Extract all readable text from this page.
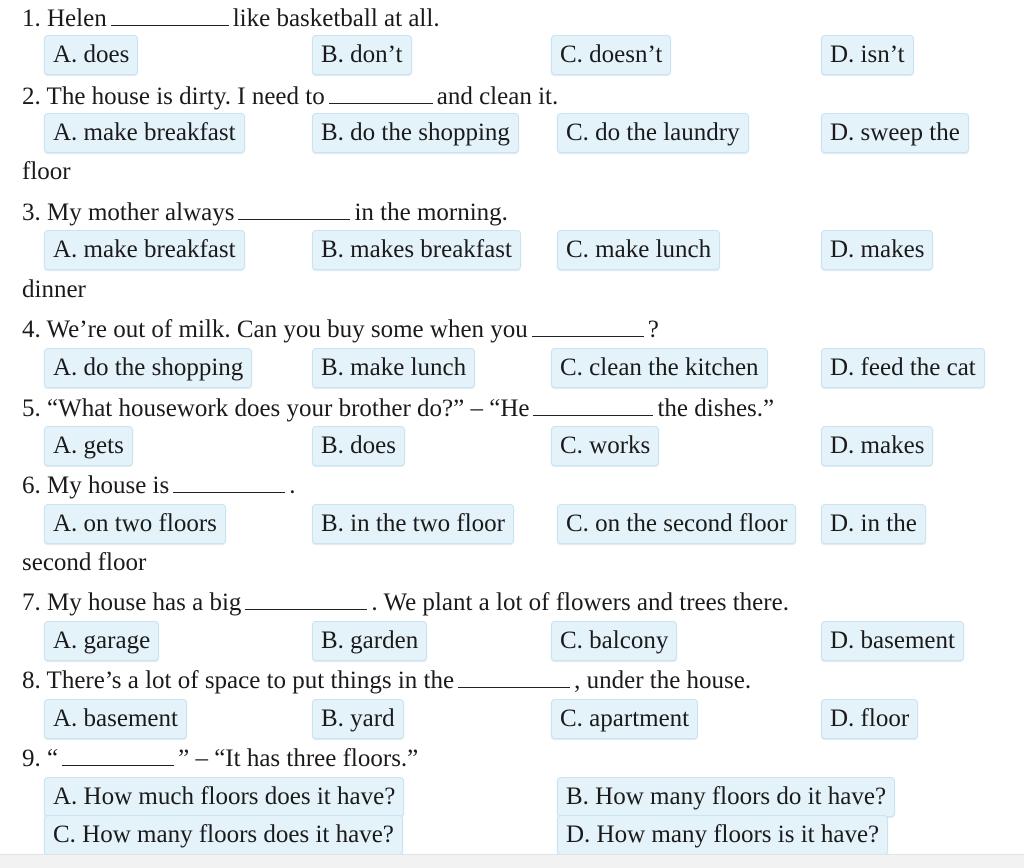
1. Helen	like basketball at all.
A. does	B. don’t	C. doesn’t	D. isn’t
2. The house is dirty. I need to	and clean it.
A. make breakfast	B. do the shopping	C. do the laundry	D. sweep the
floor
3. My mother always	in the morning.
A. make breakfast	B. makes breakfast	C. make lunch	D. makes
dinner
4. We’re out of milk. Can you buy some when you	?
A. do the shopping	B. make lunch	C. clean the kitchen	D. feed the cat
5. “What housework does your brother do?” – “He	the dishes.”
A. gets	B. does	C. works	D. makes
6. My house is	.
A. on two floors	B. in the two floor	C. on the second floor	D. in the
second floor
7. My house has a big	. We plant a lot of flowers and trees there.
A. garage	B. garden	C. balcony	D. basement
8. There’s a lot of space to put things in the	, under the house.
A. basement	B. yard	C. apartment	D. floor
9. “	” – “It has three floors.”
A. How much floors does it have?	B. How many floors do it have?
C. How many floors does it have?	D. How many floors is it have?
